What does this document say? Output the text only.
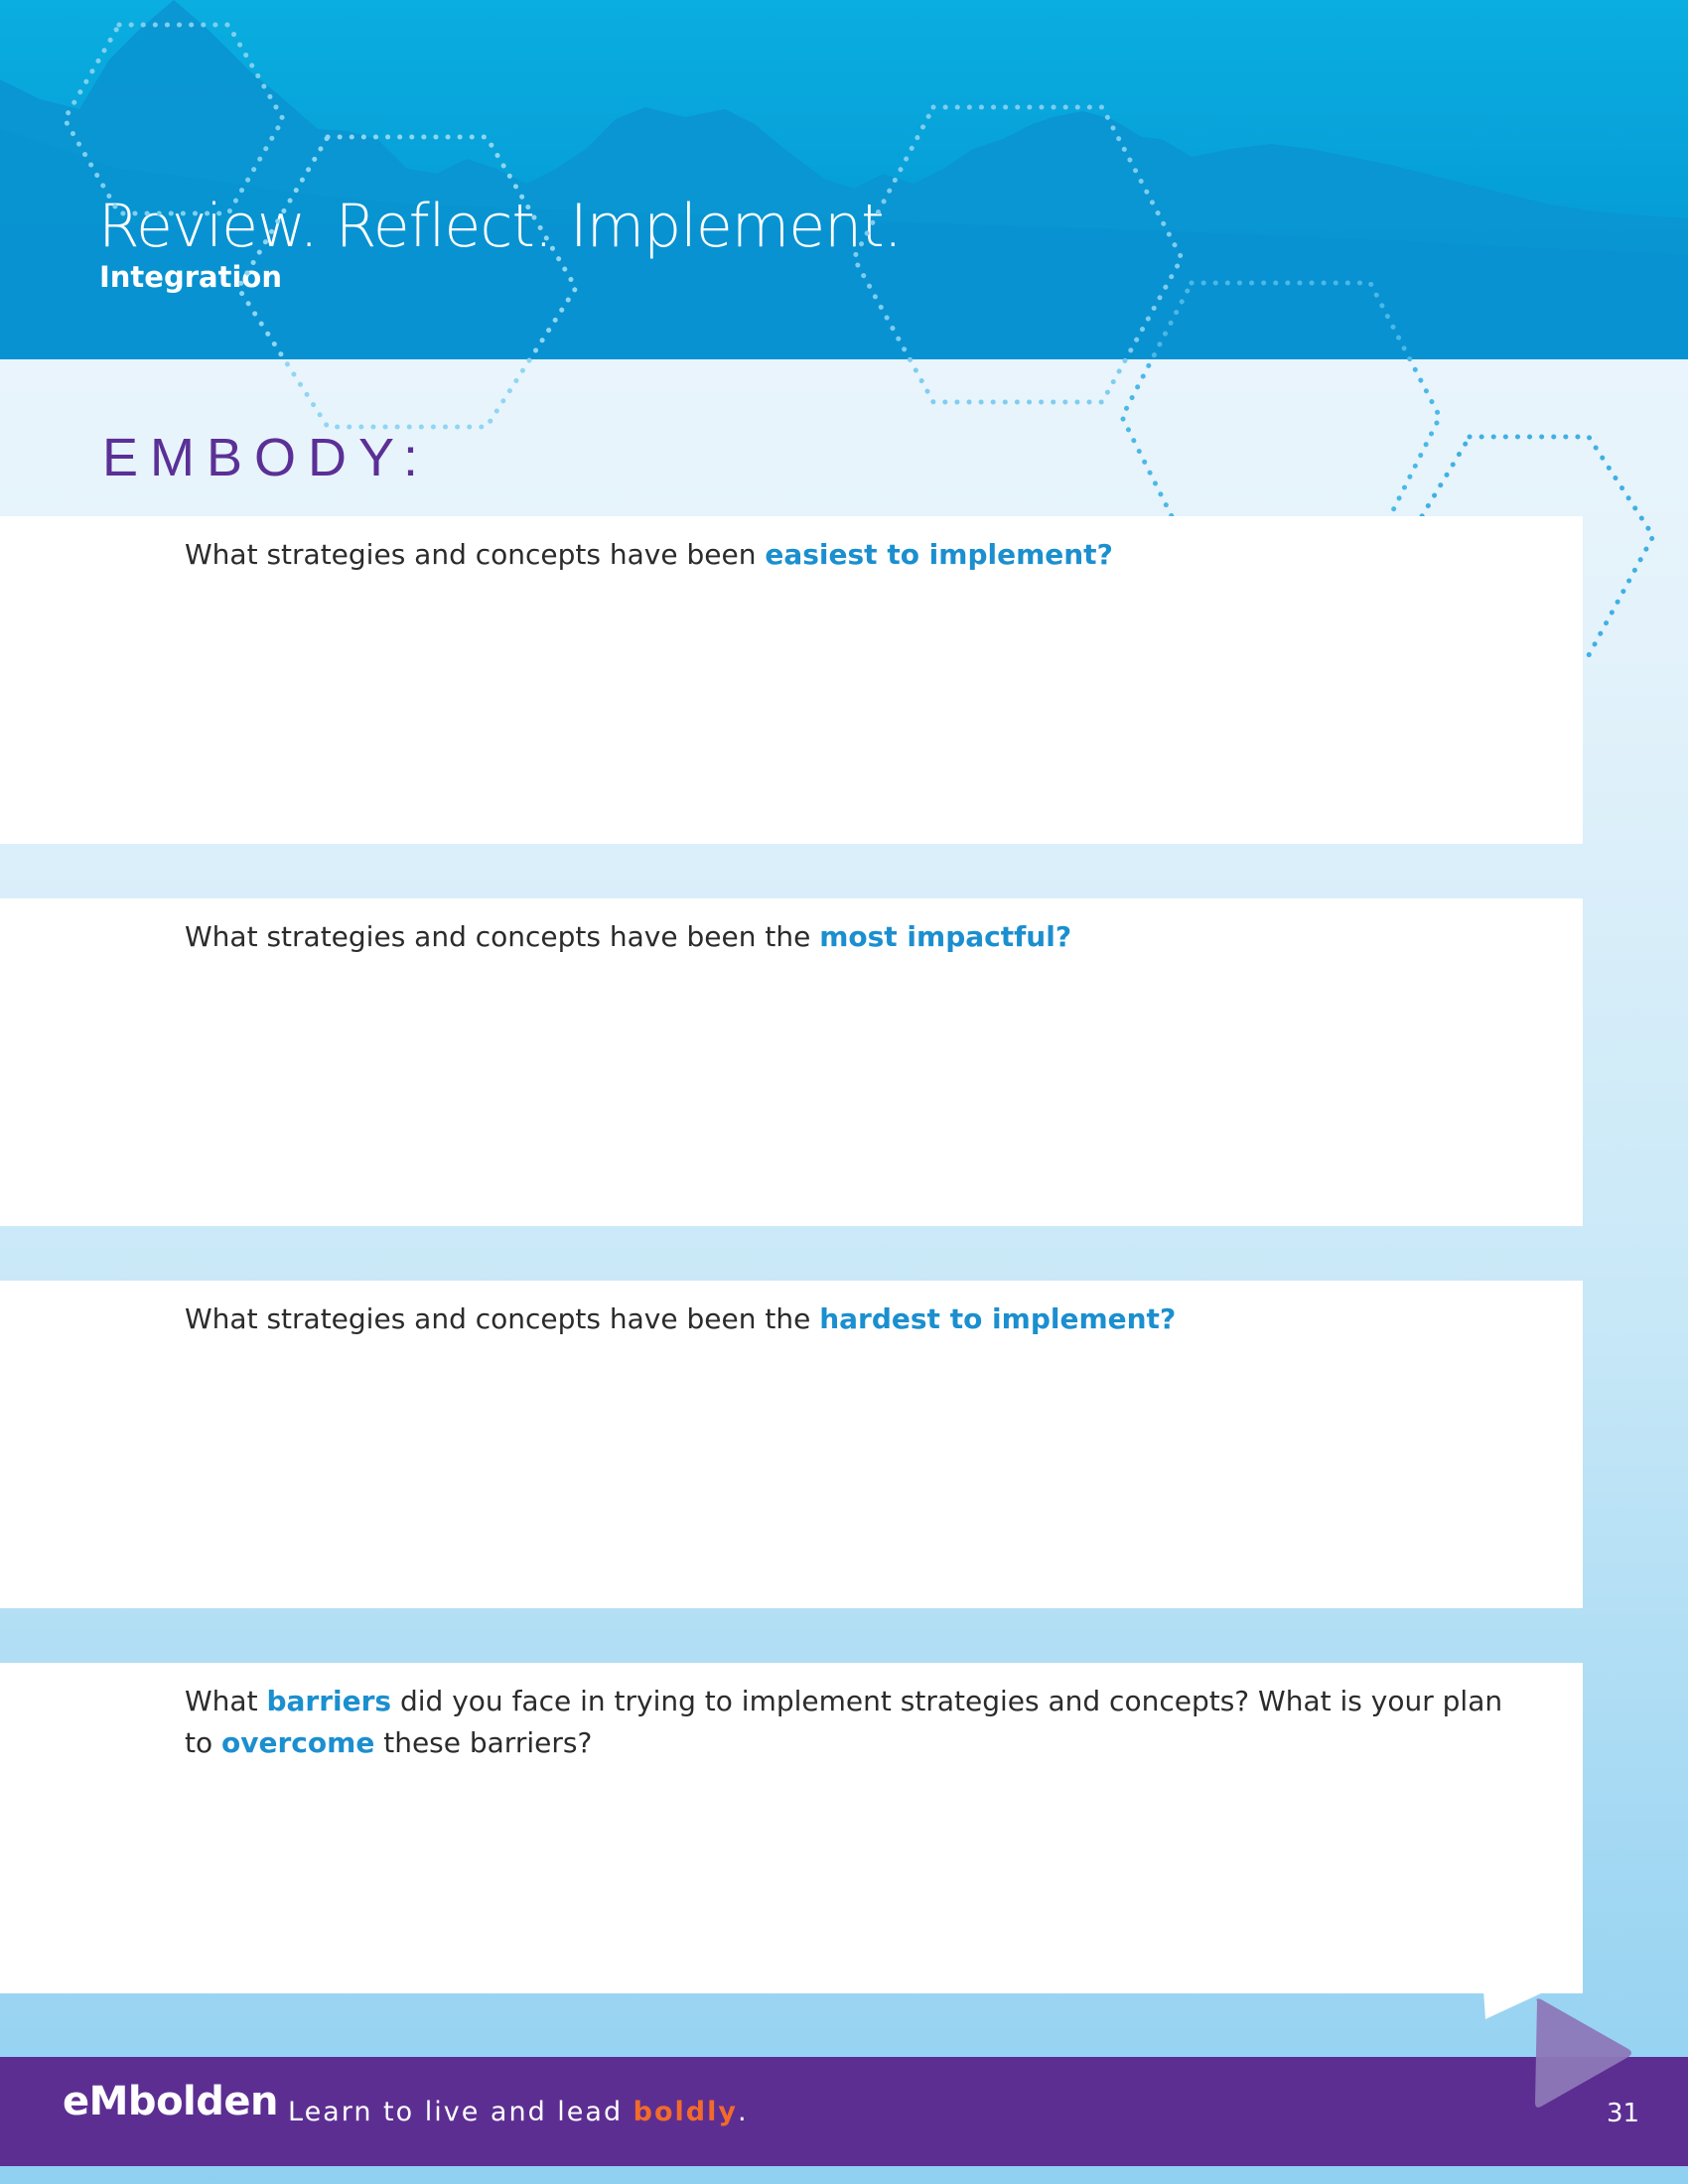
Review. Reflect. Implement.
Integration
EMBODY:
What strategies and concepts have been easiest to implement?
What strategies and concepts have been the most impactful?
What strategies and concepts have been the hardest to implement?
What barriers did you face in trying to implement strategies and concepts? What is your plan to overcome these barriers?
eMbolden Learn to live and lead boldly.	31
